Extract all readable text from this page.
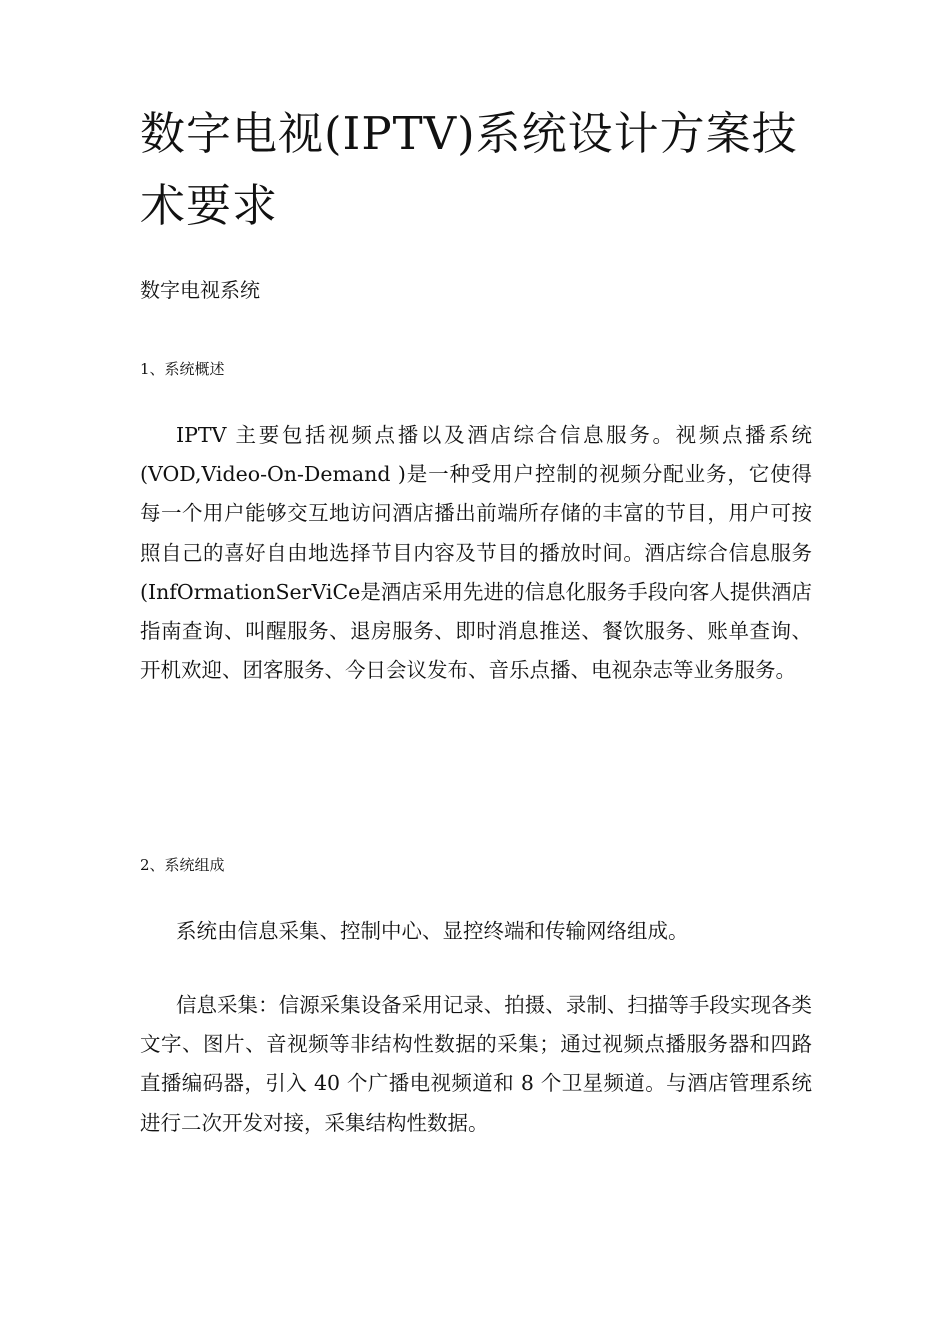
数字电视(IPTV)系统设计方案技术要求

数字电视系统

1、系统概述

IPTV 主要包括视频点播以及酒店综合信息服务。视频点播系统(VOD,Video-On-Demand )是一种受用户控制的视频分配业务，它使得每一个用户能够交互地访问酒店播出前端所存储的丰富的节目，用户可按照自己的喜好自由地选择节目内容及节目的播放时间。酒店综合信息服务(InfOrmationSerViCe是酒店采用先进的信息化服务手段向客人提供酒店指南查询、叫醒服务、退房服务、即时消息推送、餐饮服务、账单查询、开机欢迎、团客服务、今日会议发布、音乐点播、电视杂志等业务服务。

2、系统组成

系统由信息采集、控制中心、显控终端和传输网络组成。

信息采集：信源采集设备采用记录、拍摄、录制、扫描等手段实现各类文字、图片、音视频等非结构性数据的采集；通过视频点播服务器和四路直播编码器，引入 40 个广播电视频道和 8 个卫星频道。与酒店管理系统进行二次开发对接，采集结构性数据。
